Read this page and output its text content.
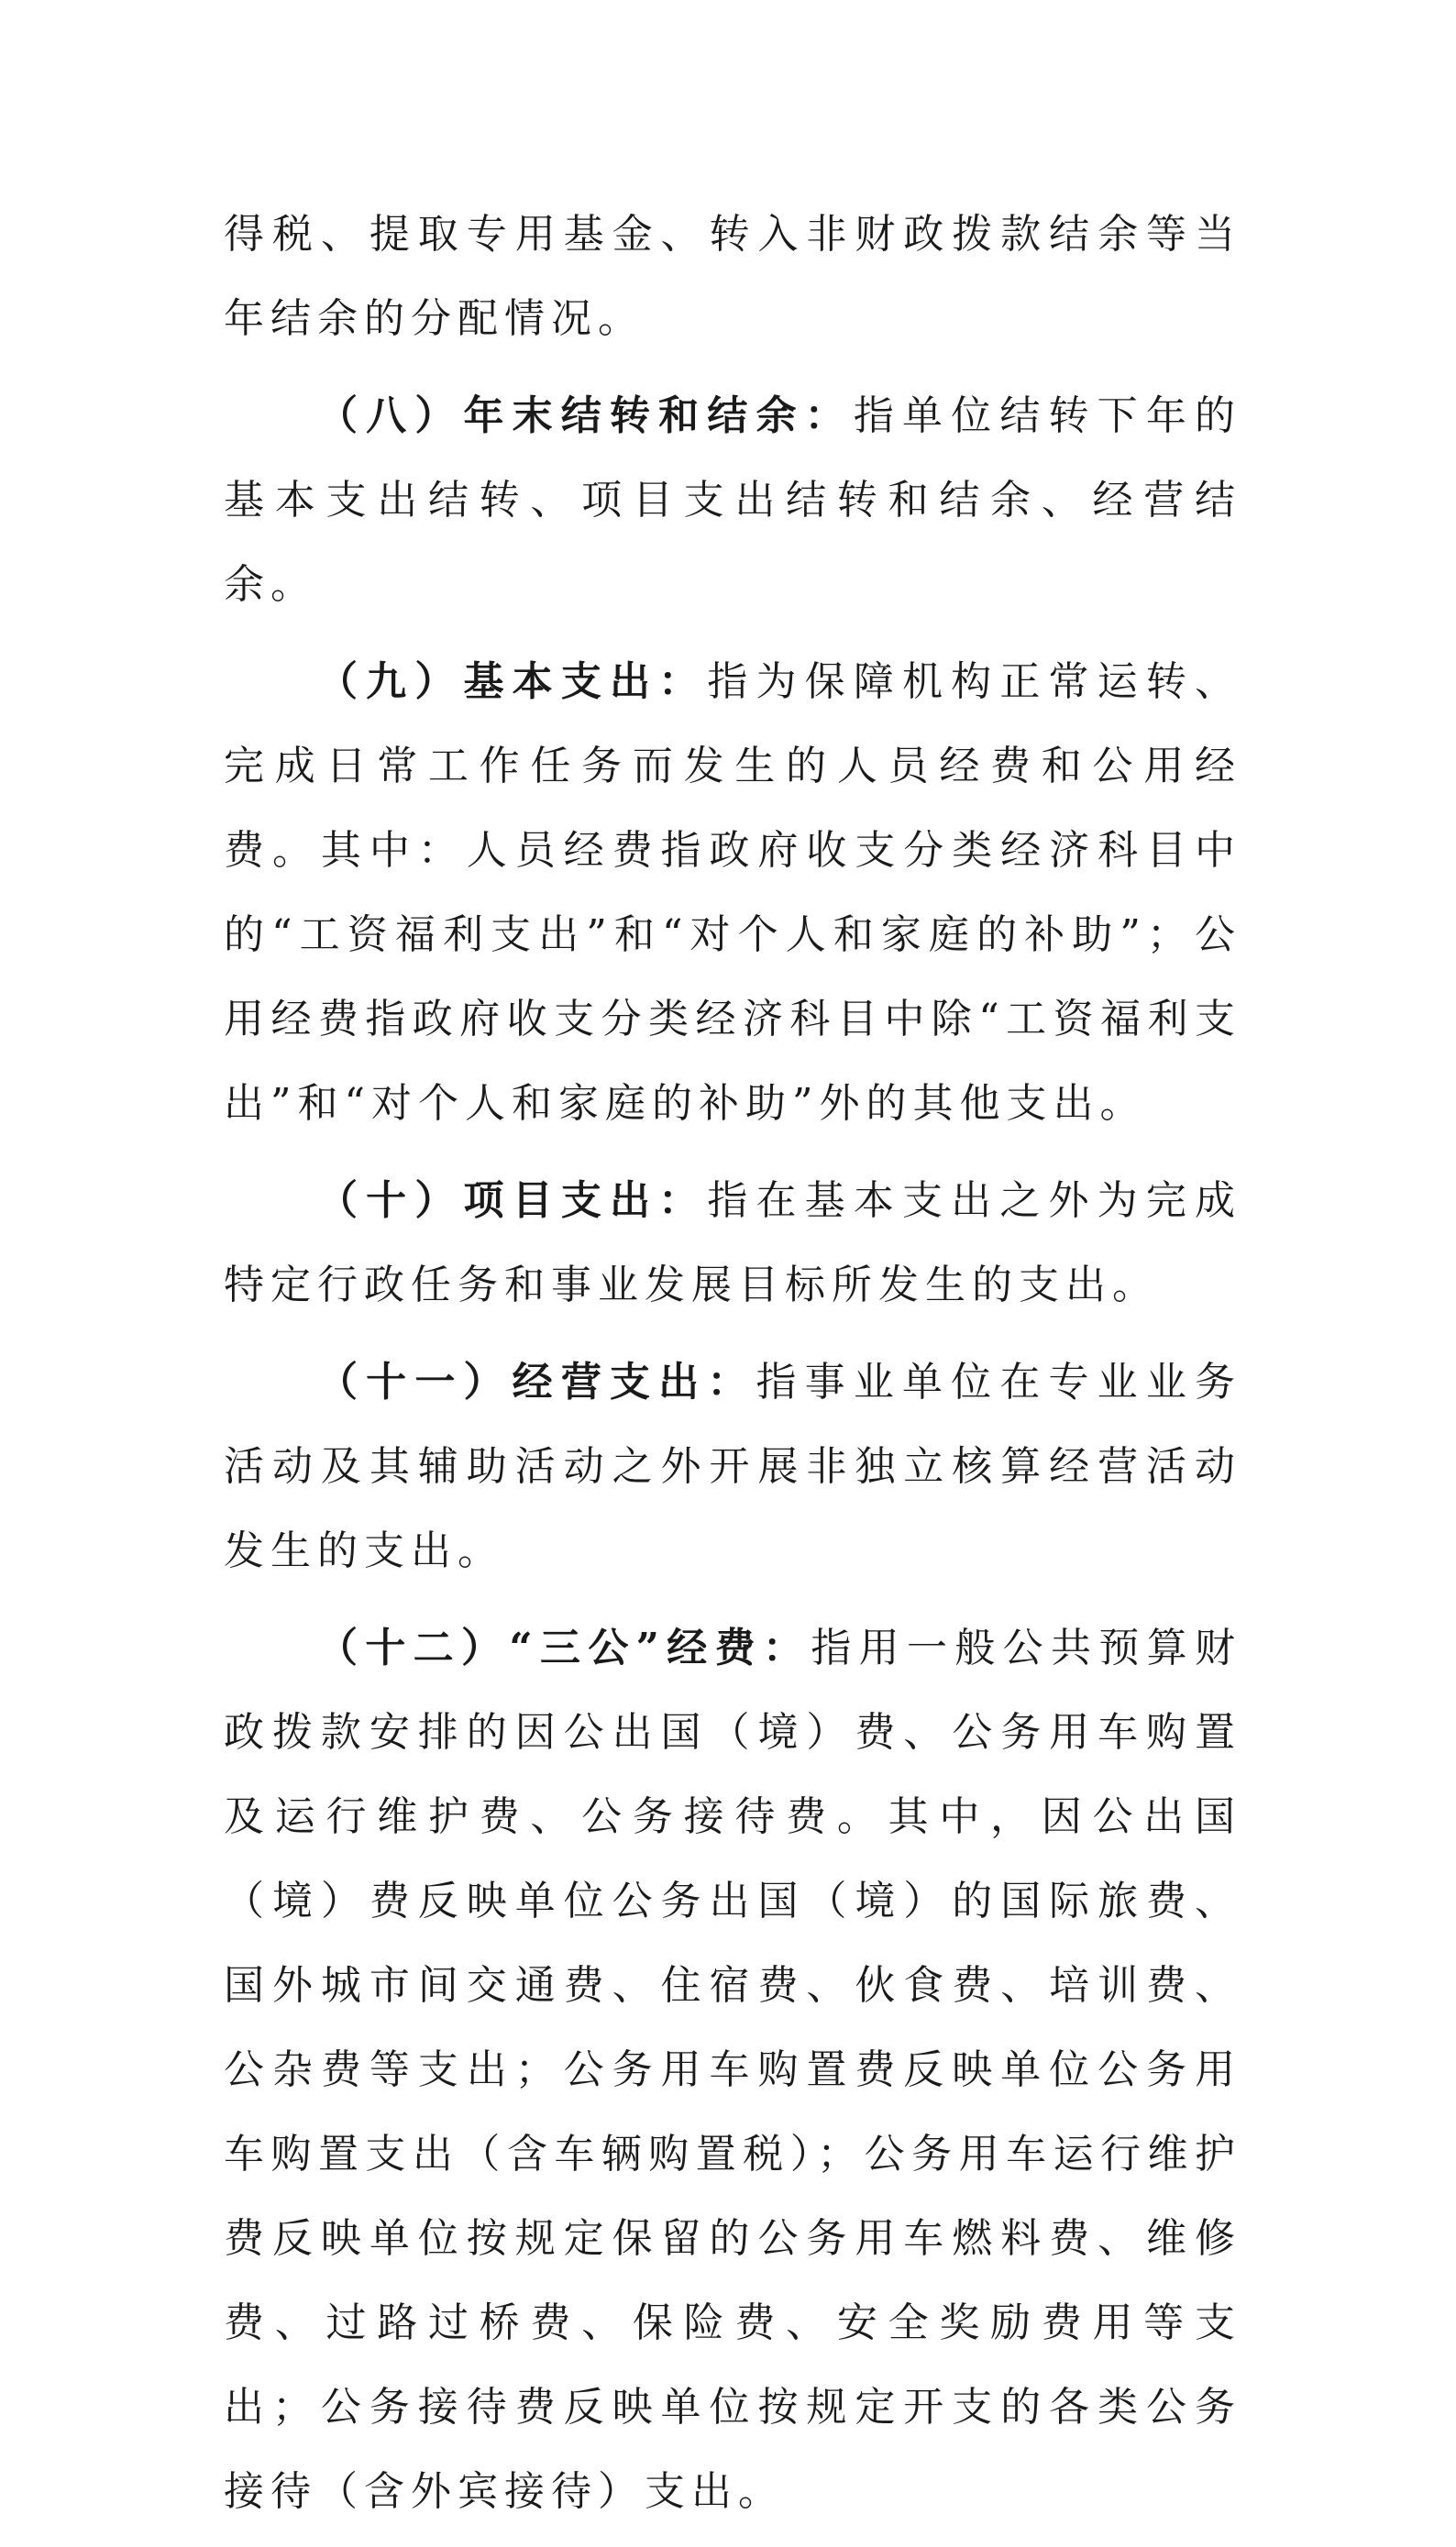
得税、提取专用基金、转入非财政拨款结余等当年结余的分配情况。

（八）年末结转和结余：指单位结转下年的基本支出结转、项目支出结转和结余、经营结余。

（九）基本支出：指为保障机构正常运转、完成日常工作任务而发生的人员经费和公用经费。其中：人员经费指政府收支分类经济科目中的“工资福利支出”和“对个人和家庭的补助”；公用经费指政府收支分类经济科目中除“工资福利支出”和“对个人和家庭的补助”外的其他支出。

（十）项目支出：指在基本支出之外为完成特定行政任务和事业发展目标所发生的支出。

（十一）经营支出：指事业单位在专业业务活动及其辅助活动之外开展非独立核算经营活动发生的支出。

（十二）“三公”经费：指用一般公共预算财政拨款安排的因公出国（境）费、公务用车购置及运行维护费、公务接待费。其中，因公出国（境）费反映单位公务出国（境）的国际旅费、国外城市间交通费、住宿费、伙食费、培训费、公杂费等支出；公务用车购置费反映单位公务用车购置支出（含车辆购置税）；公务用车运行维护费反映单位按规定保留的公务用车燃料费、维修费、过路过桥费、保险费、安全奖励费用等支出；公务接待费反映单位按规定开支的各类公务接待（含外宾接待）支出。
